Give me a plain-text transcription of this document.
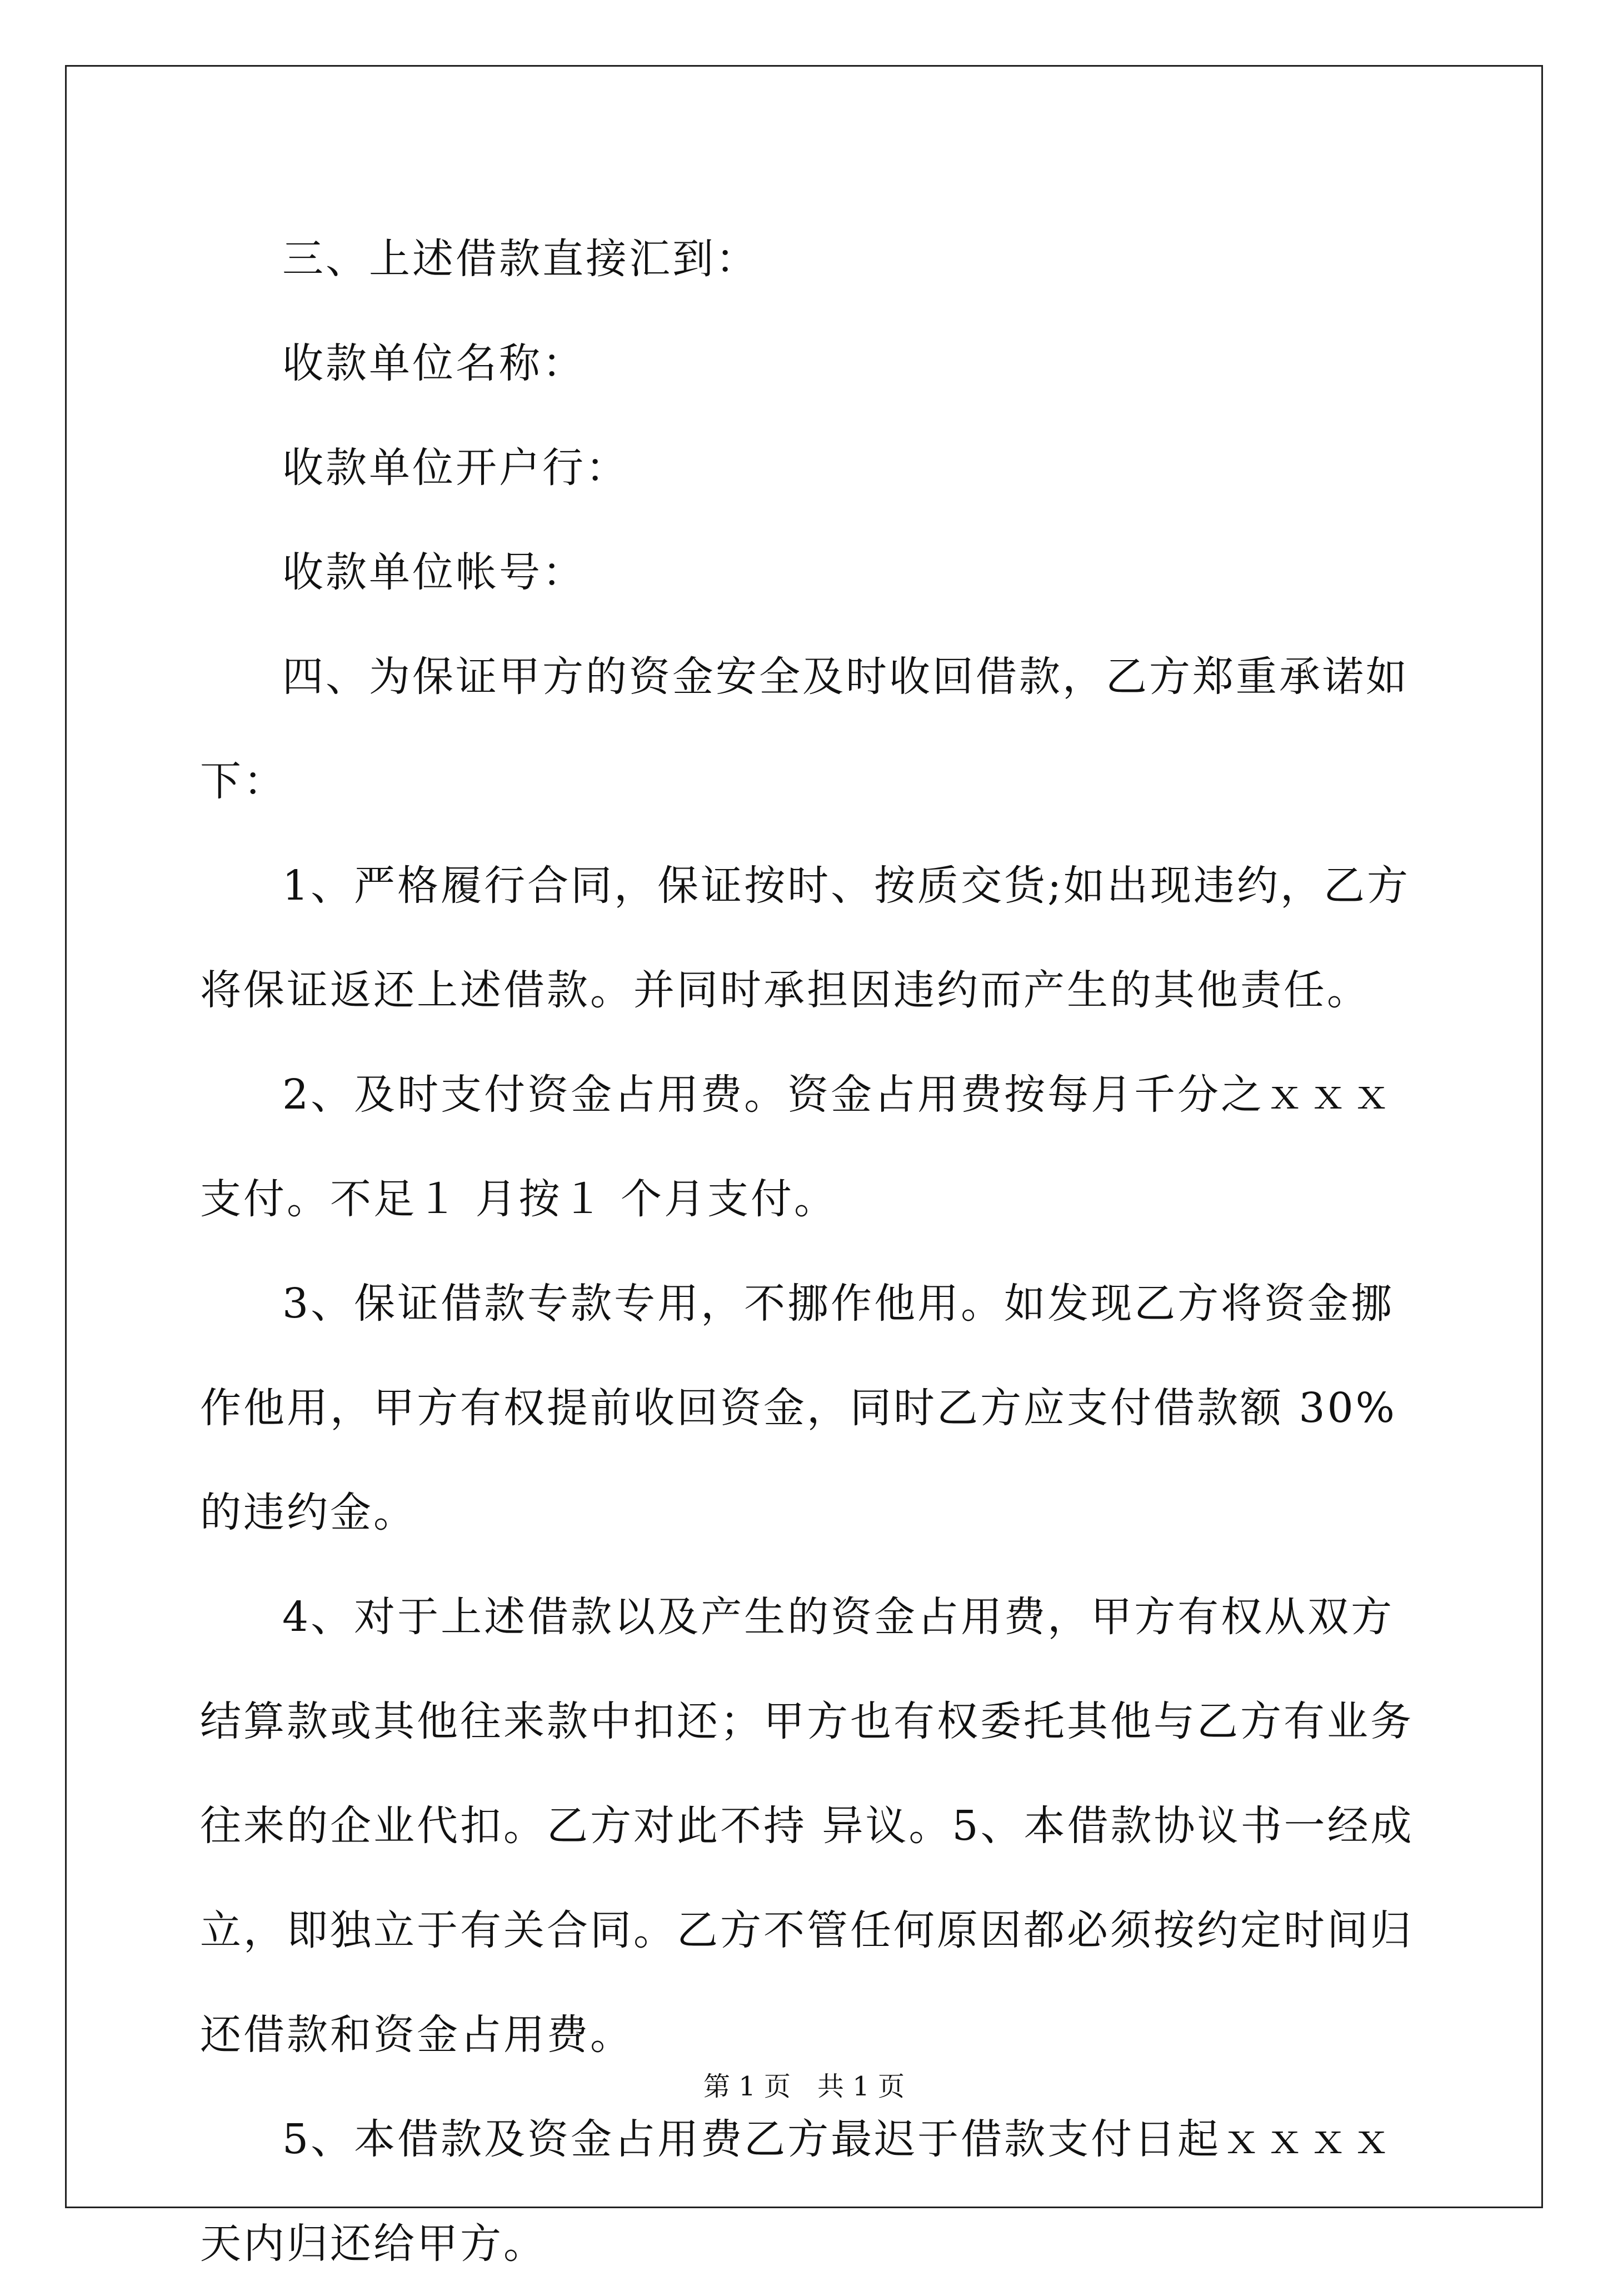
三、上述借款直接汇到：

收款单位名称：

收款单位开户行：

收款单位帐号：

四、为保证甲方的资金安全及时收回借款，乙方郑重承诺如下：

1、严格履行合同，保证按时、按质交货;如出现违约，乙方将保证返还上述借款。并同时承担因违约而产生的其他责任。

2、及时支付资金占用费。资金占用费按每月千分之ｘｘｘ 支付。不足１ 月按１ 个月支付。

3、保证借款专款专用，不挪作他用。如发现乙方将资金挪作他用，甲方有权提前收回资金，同时乙方应支付借款额 30%的违约金。

4、对于上述借款以及产生的资金占用费，甲方有权从双方结算款或其他往来款中扣还；甲方也有权委托其他与乙方有业务往来的企业代扣。乙方对此不持 异议。5、本借款协议书一经成立，即独立于有关合同。乙方不管任何原因都必须按约定时间归还借款和资金占用费。

5、本借款及资金占用费乙方最迟于借款支付日起ｘｘｘｘ天内归还给甲方。

第 1 页　共 1 页
